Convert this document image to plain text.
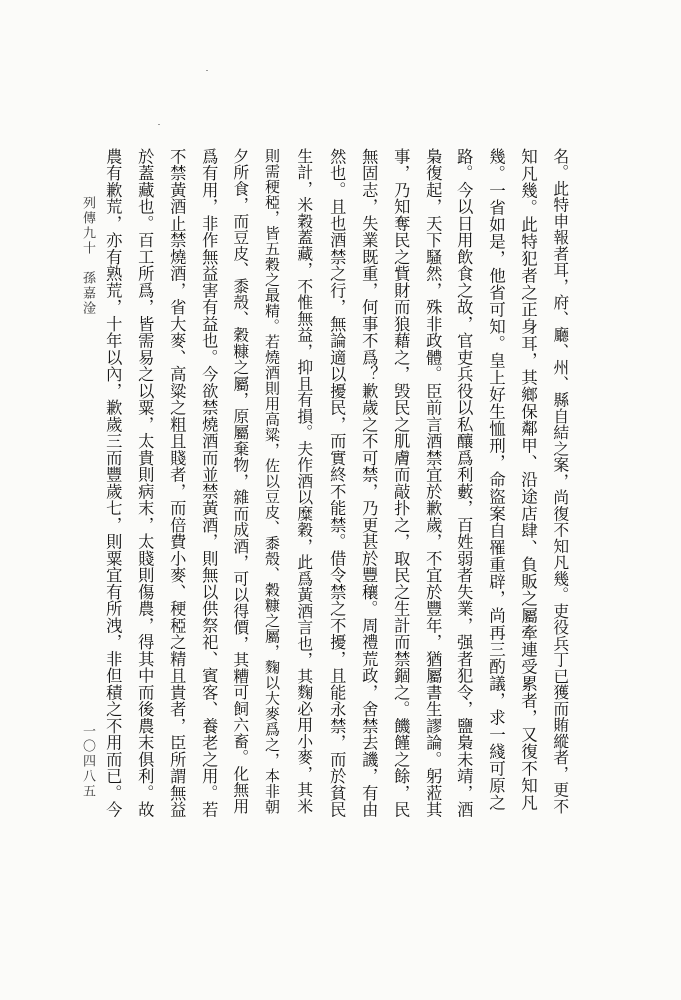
列傳九十　孫嘉淦
一〇四八五	名。此特申報者耳，府、廳、州、縣自結之案，尚復不知凡幾。吏役兵丁已獲而賄縱者，更不
知凡幾。此特犯者之正身耳，其鄉保鄰甲、沿途店肆、負販之屬牽連受累者，又復不知凡
幾。一省如是，他省可知。皇上好生恤刑，命盜案自罹重辟，尚再三酌議，求一綫可原之
路。今以日用飲食之故，官吏兵役以私釀爲利藪，百姓弱者失業，强者犯令，鹽梟未靖，酒
梟復起，天下騷然，殊非政體。臣前言酒禁宜於歉歲，不宜於豐年，猶屬書生謬論。躬蒞其
事，乃知奪民之貲財而狼藉之，毁民之肌膚而敲扑之，取民之生計而禁錮之。饑饉之餘，民
無固志，失業既重，何事不爲？歉歲之不可禁，乃更甚於豐穰。周禮荒政，舍禁去譏，有由
然也。且也酒禁之行，無論適以擾民，而實終不能禁。借令禁之不擾，且能永禁，而於貧民
生計，米穀蓋藏，不惟無益，抑且有損。夫作酒以糜穀，此爲黃酒言也，其麴必用小麥，其米
則需稉稏，皆五穀之最精。若燒酒則用高粱，佐以豆皮、黍殼、穀糠之屬，麴以大麥爲之，本非朝
夕所食，而豆皮、黍殼、穀糠之屬，原屬棄物，雜而成酒，可以得價，其糟可飼六畜。化無用
爲有用，非作無益害有益也。今欲禁燒酒而並禁黃酒，則無以供祭祀、賓客、養老之用。若
不禁黃酒止禁燒酒，省大麥、高粱之粗且賤者，而倍費小麥、稉稏之精且貴者，臣所謂無益
於蓋藏也。百工所爲，皆需易之以粟，太貴則病末，太賤則傷農，得其中而後農末俱利。故
農有歉荒，亦有熟荒，十年以內，歉歲三而豐歲七，則粟宜有所洩，非但積之不用而已。今
